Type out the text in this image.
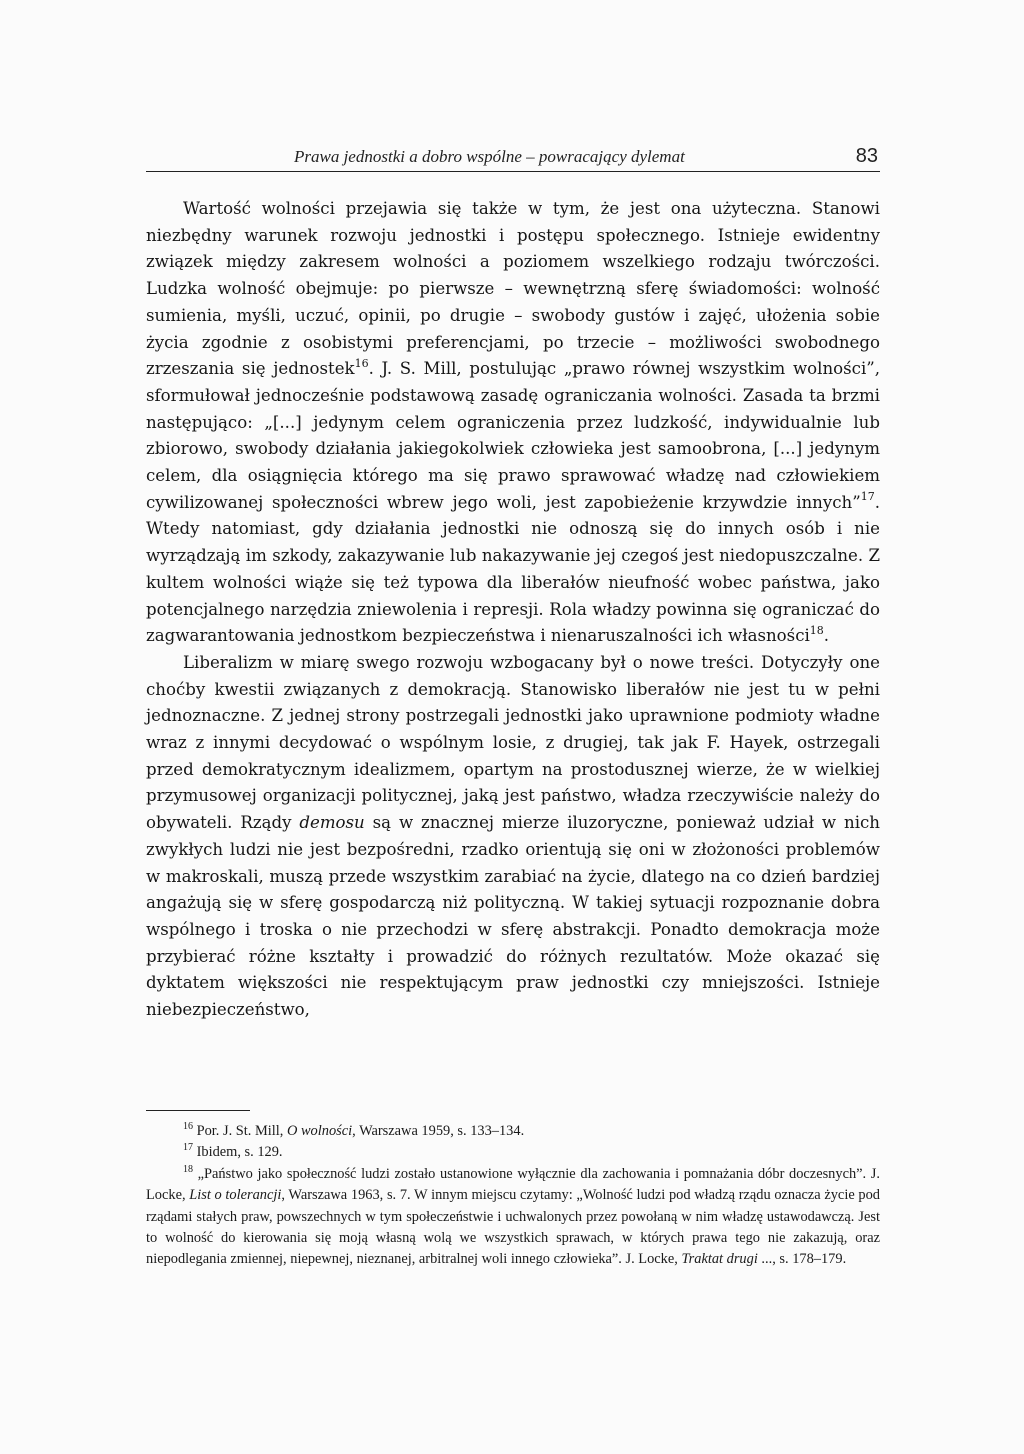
Prawa jednostki a dobro wspólne – powracający dylemat	83

Wartość wolności przejawia się także w tym, że jest ona użyteczna. Stanowi niezbędny warunek rozwoju jednostki i postępu społecznego. Istnieje ewidentny związek między zakresem wolności a poziomem wszelkiego rodzaju twórczości. Ludzka wolność obejmuje: po pierwsze – wewnętrzną sferę świadomości: wolność sumienia, myśli, uczuć, opinii, po drugie – swobody gustów i zajęć, ułożenia sobie życia zgodnie z osobistymi preferencjami, po trzecie – możliwości swobodnego zrzeszania się jednostek$^{16}$. J. S. Mill, postulując „prawo równej wszystkim wolności”, sformułował jednocześnie podstawową zasadę ograniczania wolności. Zasada ta brzmi następująco: „[...] jedynym celem ograniczenia przez ludzkość, indywidualnie lub zbiorowo, swobody działania jakiegokolwiek człowieka jest samoobrona, [...] jedynym celem, dla osiągnięcia którego ma się prawo sprawować władzę nad człowiekiem cywilizowanej społeczności wbrew jego woli, jest zapobieżenie krzywdzie innych”$^{17}$. Wtedy natomiast, gdy działania jednostki nie odnoszą się do innych osób i nie wyrządzają im szkody, zakazywanie lub nakazywanie jej czegoś jest niedopuszczalne. Z kultem wolności wiąże się też typowa dla liberałów nieufność wobec państwa, jako potencjalnego narzędzia zniewolenia i represji. Rola władzy powinna się ograniczać do zagwarantowania jednostkom bezpieczeństwa i nienaruszalności ich własności$^{18}$.

Liberalizm w miarę swego rozwoju wzbogacany był o nowe treści. Dotyczyły one choćby kwestii związanych z demokracją. Stanowisko liberałów nie jest tu w pełni jednoznaczne. Z jednej strony postrzegali jednostki jako uprawnione podmioty władne wraz z innymi decydować o wspólnym losie, z drugiej, tak jak F. Hayek, ostrzegali przed demokratycznym idealizmem, opartym na prostodusznej wierze, że w wielkiej przymusowej organizacji politycznej, jaką jest państwo, władza rzeczywiście należy do obywateli. Rządy demosu są w znacznej mierze iluzoryczne, ponieważ udział w nich zwykłych ludzi nie jest bezpośredni, rzadko orientują się oni w złożoności problemów w makroskali, muszą przede wszystkim zarabiać na życie, dlatego na co dzień bardziej angażują się w sferę gospodarczą niż polityczną. W takiej sytuacji rozpoznanie dobra wspólnego i troska o nie przechodzi w sferę abstrakcji. Ponadto demokracja może przybierać różne kształty i prowadzić do różnych rezultatów. Może okazać się dyktatem większości nie respektującym praw jednostki czy mniejszości. Istnieje niebezpieczeństwo,

$^{16}$ Por. J. St. Mill, O wolności, Warszawa 1959, s. 133–134.

$^{17}$ Ibidem, s. 129.

$^{18}$ „Państwo jako społeczność ludzi zostało ustanowione wyłącznie dla zachowania i pomnażania dóbr doczesnych”. J. Locke, List o tolerancji, Warszawa 1963, s. 7. W innym miejscu czytamy: „Wolność ludzi pod władzą rządu oznacza życie pod rządami stałych praw, powszechnych w tym społeczeństwie i uchwalonych przez powołaną w nim władzę ustawodawczą. Jest to wolność do kierowania się moją własną wolą we wszystkich sprawach, w których prawa tego nie zakazują, oraz niepodlegania zmiennej, niepewnej, nieznanej, arbitralnej woli innego człowieka”. J. Locke, Traktat drugi ..., s. 178–179.
